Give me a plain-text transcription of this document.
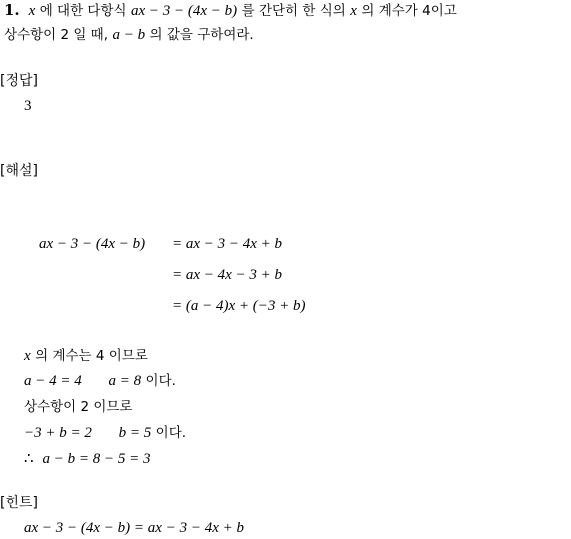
1. x 에 대한 다항식 ax − 3 − (4x − b) 를 간단히 한 식의 x 의 계수가 4이고
상수항이 2 일 때, a − b 의 값을 구하여라.
[정답]
3
[해설]
ax − 3 − (4x − b) = ax − 3 − 4x + b
= ax − 4x − 3 + b
= (a − 4)x + (−3 + b)
x 의 계수는 4 이므로
a − 4 = 4 a = 8 이다.
상수항이 2 이므로
−3 + b = 2 b = 5 이다.
∴ a − b = 8 − 5 = 3
[힌트]
ax − 3 − (4x − b) = ax − 3 − 4x + b
